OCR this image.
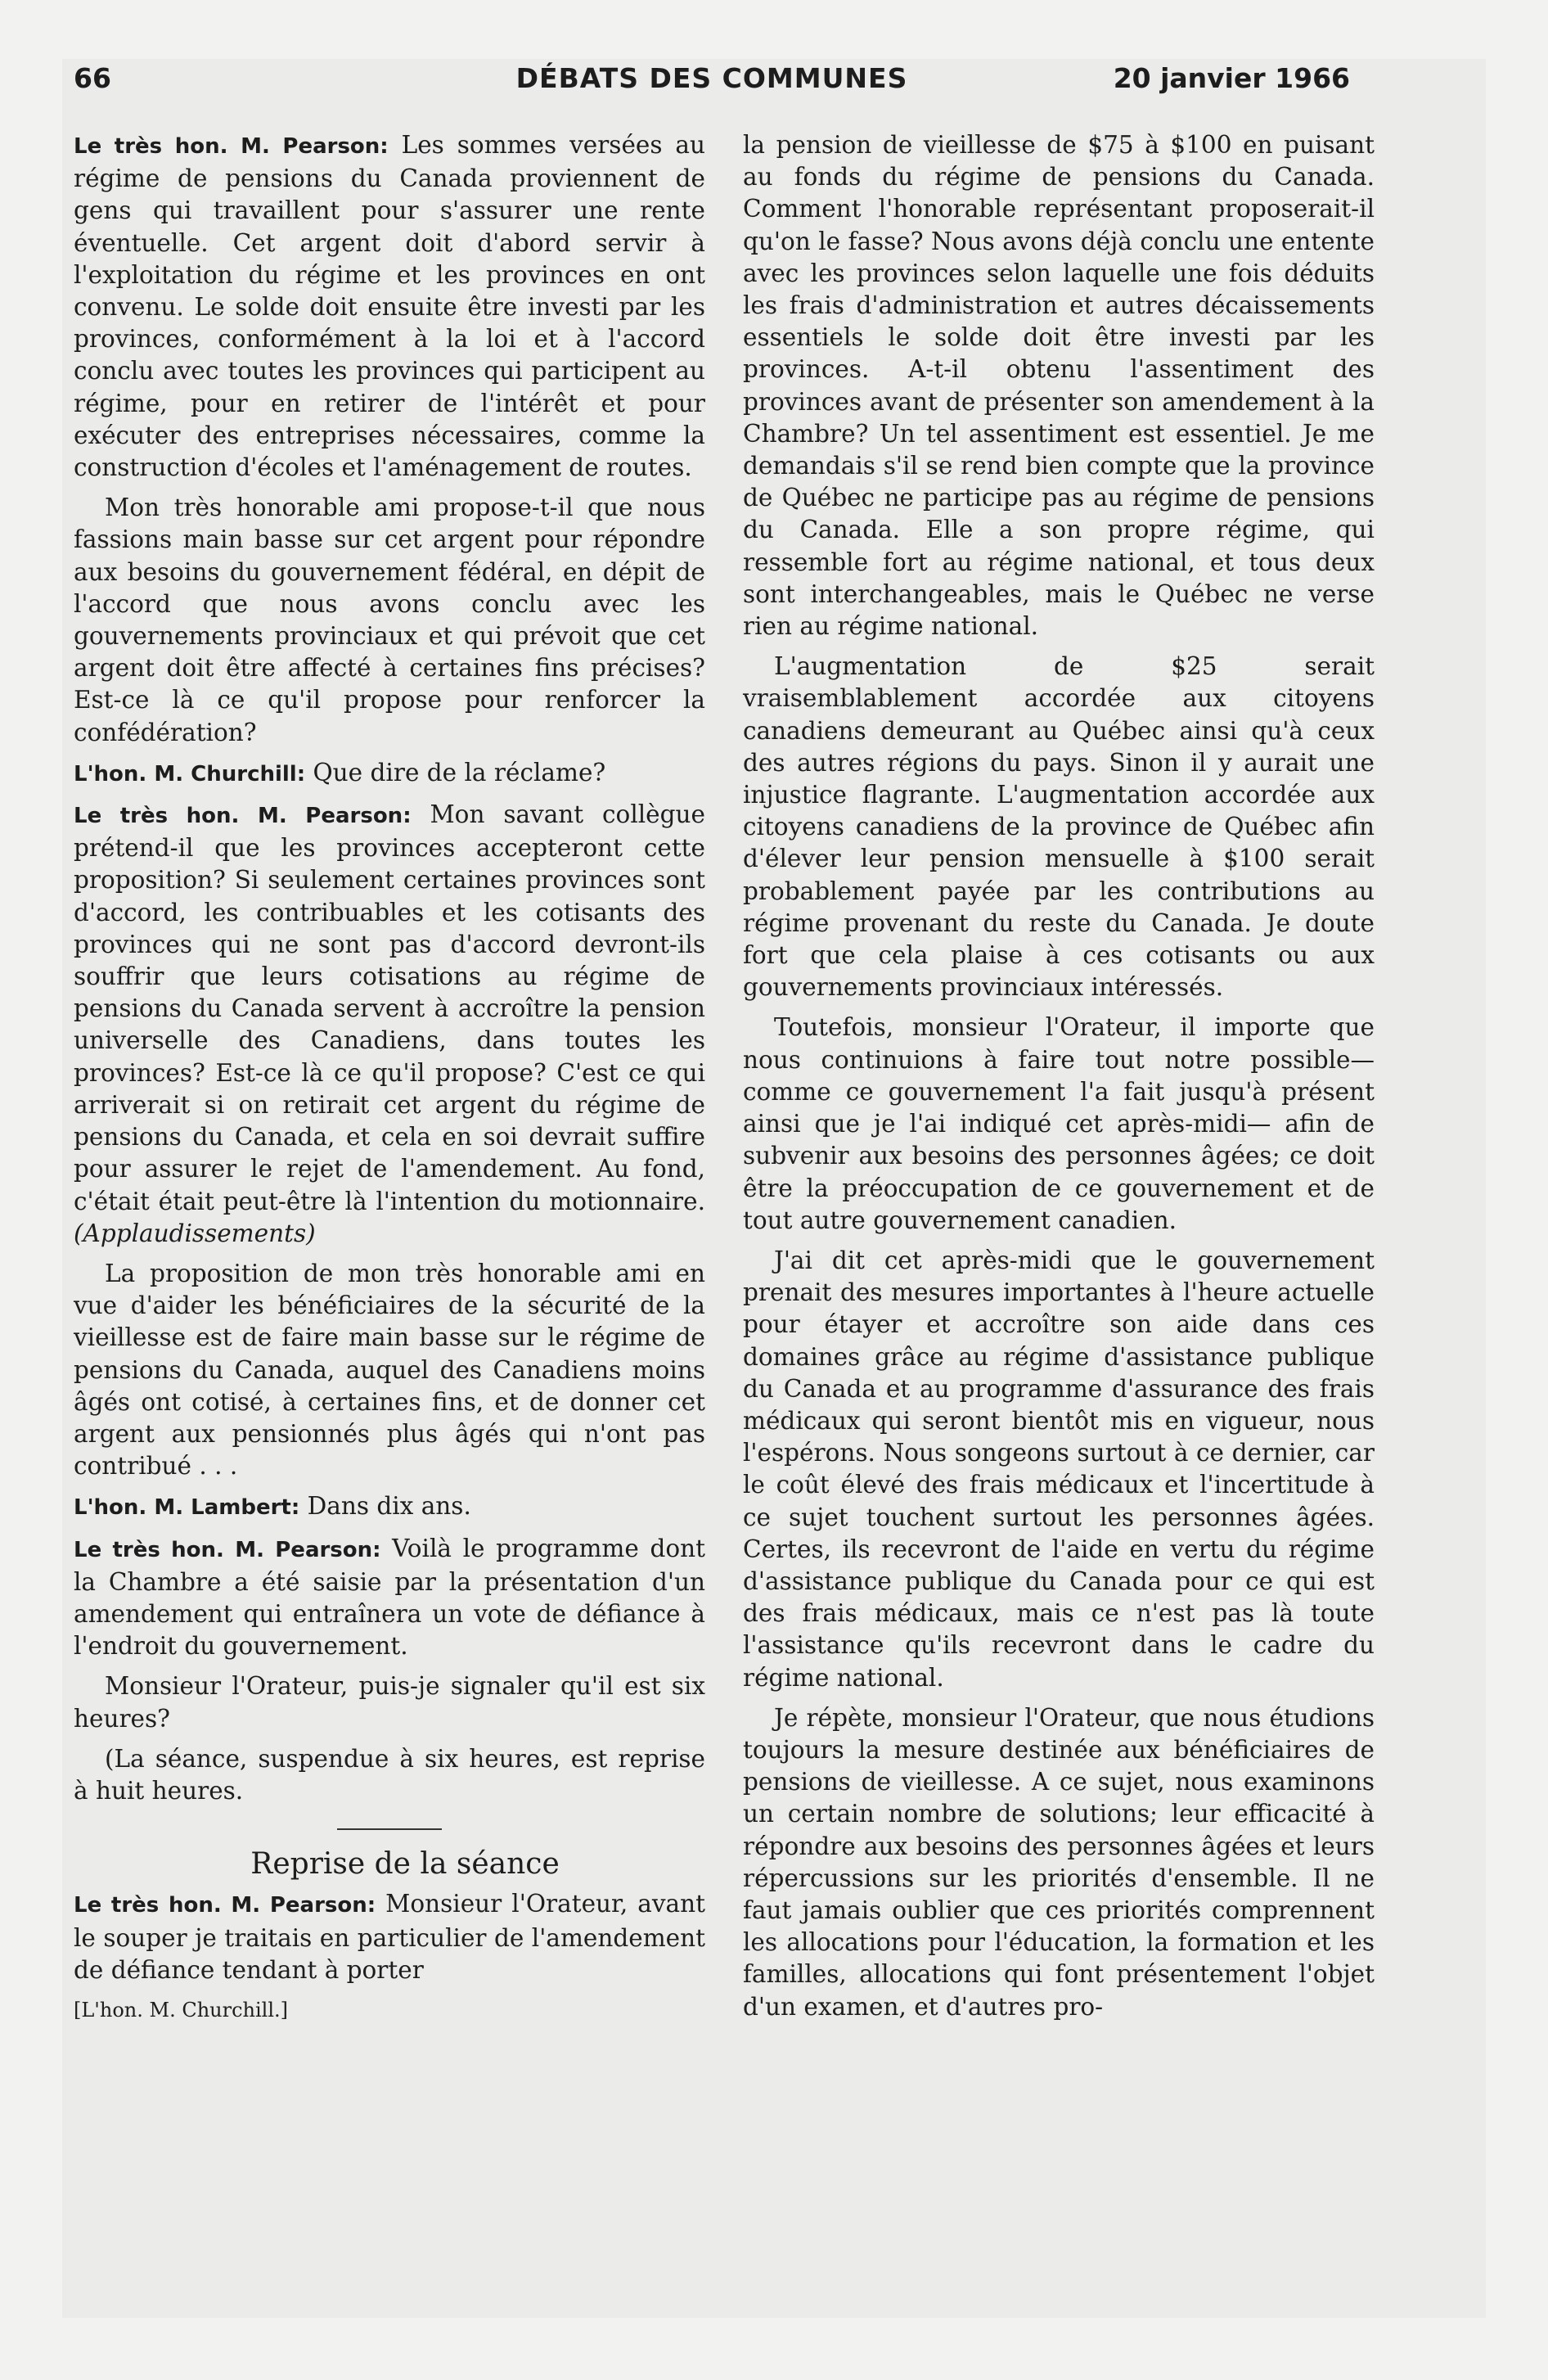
66	DÉBATS DES COMMUNES	20 janvier 1966

Le très hon. M. Pearson: Les sommes versées au régime de pensions du Canada proviennent de gens qui travaillent pour s'assurer une rente éventuelle. Cet argent doit d'abord servir à l'exploitation du régime et les provinces en ont convenu. Le solde doit ensuite être investi par les provinces, conformément à la loi et à l'accord conclu avec toutes les provinces qui participent au régime, pour en retirer de l'intérêt et pour exécuter des entreprises nécessaires, comme la construction d'écoles et l'aménagement de routes.

Mon très honorable ami propose-t-il que nous fassions main basse sur cet argent pour répondre aux besoins du gouvernement fédéral, en dépit de l'accord que nous avons conclu avec les gouvernements provinciaux et qui prévoit que cet argent doit être affecté à certaines fins précises? Est-ce là ce qu'il propose pour renforcer la confédération?

L'hon. M. Churchill: Que dire de la réclame?

Le très hon. M. Pearson: Mon savant collègue prétend-il que les provinces accepteront cette proposition? Si seulement certaines provinces sont d'accord, les contribuables et les cotisants des provinces qui ne sont pas d'accord devront-ils souffrir que leurs cotisations au régime de pensions du Canada servent à accroître la pension universelle des Canadiens, dans toutes les provinces? Est-ce là ce qu'il propose? C'est ce qui arriverait si on retirait cet argent du régime de pensions du Canada, et cela en soi devrait suffire pour assurer le rejet de l'amendement. Au fond, c'était était peut-être là l'intention du motionnaire. (Applaudissements)

La proposition de mon très honorable ami en vue d'aider les bénéficiaires de la sécurité de la vieillesse est de faire main basse sur le régime de pensions du Canada, auquel des Canadiens moins âgés ont cotisé, à certaines fins, et de donner cet argent aux pensionnés plus âgés qui n'ont pas contribué . . .

L'hon. M. Lambert: Dans dix ans.

Le très hon. M. Pearson: Voilà le programme dont la Chambre a été saisie par la présentation d'un amendement qui entraînera un vote de défiance à l'endroit du gouvernement.

Monsieur l'Orateur, puis-je signaler qu'il est six heures?

(La séance, suspendue à six heures, est reprise à huit heures.

Reprise de la séance

Le très hon. M. Pearson: Monsieur l'Orateur, avant le souper je traitais en particulier de l'amendement de défiance tendant à porter

[L'hon. M. Churchill.]

la pension de vieillesse de $75 à $100 en puisant au fonds du régime de pensions du Canada. Comment l'honorable représentant proposerait-il qu'on le fasse? Nous avons déjà conclu une entente avec les provinces selon laquelle une fois déduits les frais d'administration et autres décaissements essentiels le solde doit être investi par les provinces. A-t-il obtenu l'assentiment des provinces avant de présenter son amendement à la Chambre? Un tel assentiment est essentiel. Je me demandais s'il se rend bien compte que la province de Québec ne participe pas au régime de pensions du Canada. Elle a son propre régime, qui ressemble fort au régime national, et tous deux sont interchangeables, mais le Québec ne verse rien au régime national.

L'augmentation de $25 serait vraisemblablement accordée aux citoyens canadiens demeurant au Québec ainsi qu'à ceux des autres régions du pays. Sinon il y aurait une injustice flagrante. L'augmentation accordée aux citoyens canadiens de la province de Québec afin d'élever leur pension mensuelle à $100 serait probablement payée par les contributions au régime provenant du reste du Canada. Je doute fort que cela plaise à ces cotisants ou aux gouvernements provinciaux intéressés.

Toutefois, monsieur l'Orateur, il importe que nous continuions à faire tout notre possible— comme ce gouvernement l'a fait jusqu'à présent ainsi que je l'ai indiqué cet après-midi— afin de subvenir aux besoins des personnes âgées; ce doit être la préoccupation de ce gouvernement et de tout autre gouvernement canadien.

J'ai dit cet après-midi que le gouvernement prenait des mesures importantes à l'heure actuelle pour étayer et accroître son aide dans ces domaines grâce au régime d'assistance publique du Canada et au programme d'assurance des frais médicaux qui seront bientôt mis en vigueur, nous l'espérons. Nous songeons surtout à ce dernier, car le coût élevé des frais médicaux et l'incertitude à ce sujet touchent surtout les personnes âgées. Certes, ils recevront de l'aide en vertu du régime d'assistance publique du Canada pour ce qui est des frais médicaux, mais ce n'est pas là toute l'assistance qu'ils recevront dans le cadre du régime national.

Je répète, monsieur l'Orateur, que nous étudions toujours la mesure destinée aux bénéficiaires de pensions de vieillesse. A ce sujet, nous examinons un certain nombre de solutions; leur efficacité à répondre aux besoins des personnes âgées et leurs répercussions sur les priorités d'ensemble. Il ne faut jamais oublier que ces priorités comprennent les allocations pour l'éducation, la formation et les familles, allocations qui font présentement l'objet d'un examen, et d'autres pro-
